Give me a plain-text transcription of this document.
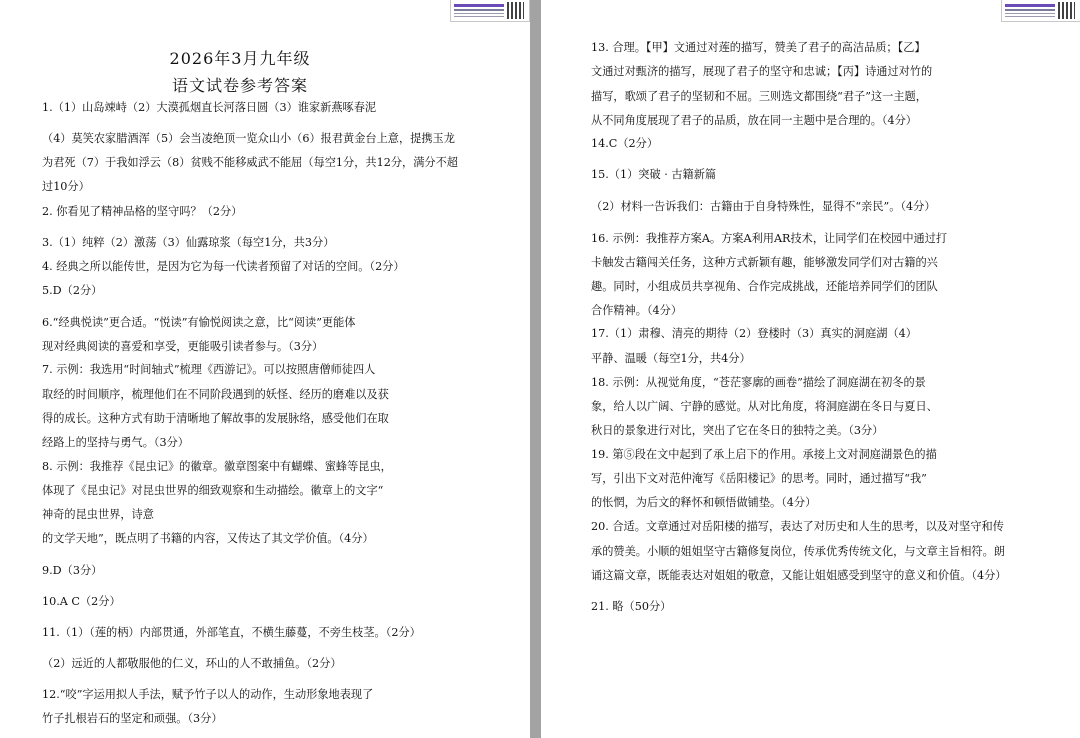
2026年3月九年级
语文试卷参考答案
1.（1）山岛竦峙（2）大漠孤烟直长河落日圆（3）谁家新燕啄春泥
（4）莫笑农家腊酒浑（5）会当凌绝顶一览众山小（6）报君黄金台上意，提携玉龙
为君死（7）于我如浮云（8）贫贱不能移威武不能屈（每空1分，共12分，满分不超
过10分）
2. 你看见了精神品格的坚守吗？（2分）
3.（1）纯粹（2）激荡（3）仙露琼浆（每空1分，共3分）
4. 经典之所以能传世，是因为它为每一代读者预留了对话的空间。（2分）
5.D（2分）
6.“经典悦读”更合适。“悦读”有愉悦阅读之意，比“阅读”更能体
现对经典阅读的喜爱和享受，更能吸引读者参与。（3分）
7. 示例：我选用“时间轴式”梳理《西游记》。可以按照唐僧师徒四人
取经的时间顺序，梳理他们在不同阶段遇到的妖怪、经历的磨难以及获
得的成长。这种方式有助于清晰地了解故事的发展脉络，感受他们在取
经路上的坚持与勇气。（3分）
8. 示例：我推荐《昆虫记》的徽章。徽章图案中有蝴蝶、蜜蜂等昆虫，
体现了《昆虫记》对昆虫世界的细致观察和生动描绘。徽章上的文字“
神奇的昆虫世界，诗意
的文学天地”，既点明了书籍的内容，又传达了其文学价值。（4分）
9.D（3分）
10.A C（2分）
11.（1）（莲的柄）内部贯通，外部笔直，不横生藤蔓，不旁生枝茎。（2分）
（2）远近的人都敬服他的仁义，环山的人不敢捕鱼。（2分）
12.“咬”字运用拟人手法，赋予竹子以人的动作，生动形象地表现了
竹子扎根岩石的坚定和顽强。（3分）
13. 合理。【甲】文通过对莲的描写，赞美了君子的高洁品质；【乙】
文通过对甄济的描写，展现了君子的坚守和忠诚；【丙】诗通过对竹的
描写，歌颂了君子的坚韧和不屈。三则选文都围绕“君子”这一主题，
从不同角度展现了君子的品质，放在同一主题中是合理的。（4分）
14.C（2分）
15.（1）突破 · 古籍新篇
（2）材料一告诉我们：古籍由于自身特殊性，显得不“亲民”。（4分）
16. 示例：我推荐方案A。方案A利用AR技术，让同学们在校园中通过打
卡触发古籍闯关任务，这种方式新颖有趣，能够激发同学们对古籍的兴
趣。同时，小组成员共享视角、合作完成挑战，还能培养同学们的团队
合作精神。（4分）
17.（1）肃穆、清亮的期待（2）登楼时（3）真实的洞庭湖（4）
平静、温暖（每空1分，共4分）
18. 示例：从视觉角度，“苍茫寥廓的画卷”描绘了洞庭湖在初冬的景
象，给人以广阔、宁静的感觉。从对比角度，将洞庭湖在冬日与夏日、
秋日的景象进行对比，突出了它在冬日的独特之美。（3分）
19. 第⑤段在文中起到了承上启下的作用。承接上文对洞庭湖景色的描
写，引出下文对范仲淹写《岳阳楼记》的思考。同时，通过描写“我”
的怅惘，为后文的释怀和顿悟做铺垫。（4分）
20. 合适。文章通过对岳阳楼的描写，表达了对历史和人生的思考，以及对坚守和传
承的赞美。小顺的姐姐坚守古籍修复岗位，传承优秀传统文化，与文章主旨相符。朗
诵这篇文章，既能表达对姐姐的敬意，又能让姐姐感受到坚守的意义和价值。（4分）
21. 略（50分）
